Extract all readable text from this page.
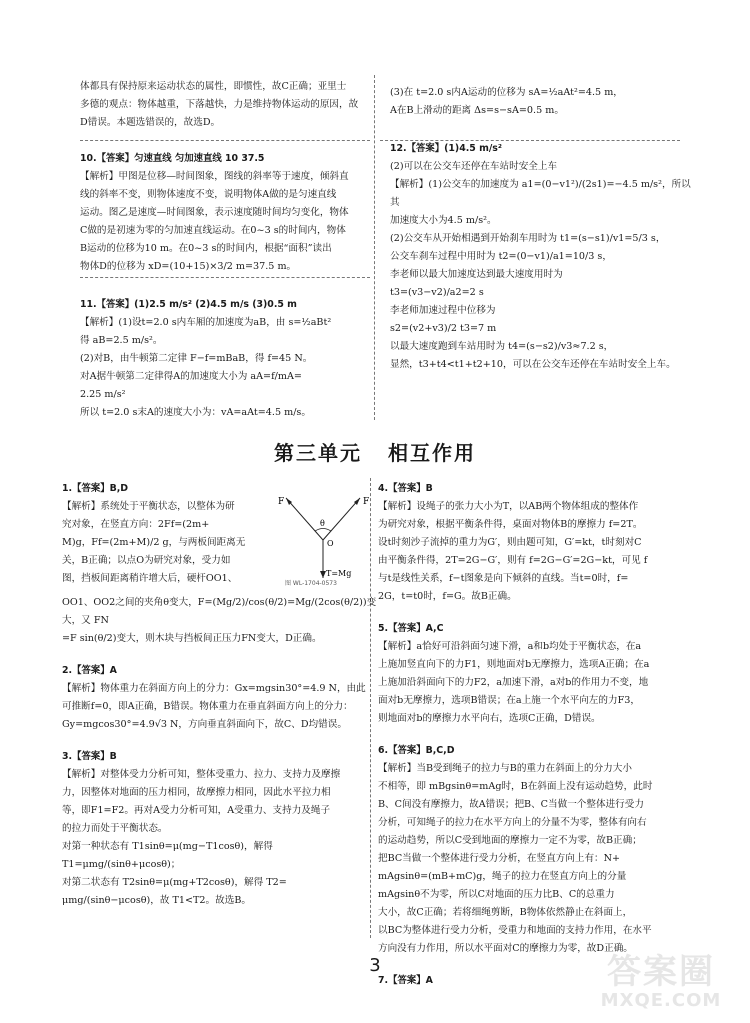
体都具有保持原来运动状态的属性，即惯性，故C正确；亚里士

多德的观点：物体越重，下落越快，力是维持物体运动的原因，故

D错误。本题选错误的，故选D。

10.【答案】匀速直线 匀加速直线 10 37.5

【解析】甲图是位移—时间图象，图线的斜率等于速度，倾斜直

线的斜率不变，则物体速度不变，说明物体A做的是匀速直线

运动。图乙是速度—时间图象，表示速度随时间均匀变化，物体

C做的是初速为零的匀加速直线运动。在0~3 s的时间内，物体

B运动的位移为10 m。在0~3 s的时间内，根据“面积”读出

物体D的位移为 xD=(10+15)×3/2 m=37.5 m。

11.【答案】(1)2.5 m/s² (2)4.5 m/s (3)0.5 m

【解析】(1)设t=2.0 s内车厢的加速度为aB，由 s=½aBt²

得 aB=2.5 m/s²。

(2)对B，由牛顿第二定律 F−f=mBaB，得 f=45 N。

对A据牛顿第二定律得A的加速度大小为 aA=f/mA=

2.25 m/s²

所以 t=2.0 s末A的速度大小为：vA=aAt=4.5 m/s。

(3)在 t=2.0 s内A运动的位移为 sA=½aAt²=4.5 m，

A在B上滑动的距离 Δs=s−sA=0.5 m。

12.【答案】(1)4.5 m/s²

(2)可以在公交车还停在车站时安全上车

【解析】(1)公交车的加速度为 a1=(0−v1²)/(2s1)=−4.5 m/s²，所以其

加速度大小为4.5 m/s²。

(2)公交车从开始相遇到开始刹车用时为 t1=(s−s1)/v1=5/3 s，

公交车刹车过程中用时为 t2=(0−v1)/a1=10/3 s，

李老师以最大加速度达到最大速度用时为

t3=(v3−v2)/a2=2 s

李老师加速过程中位移为

s2=(v2+v3)/2 t3=7 m

以最大速度跑到车站用时为 t4=(s−s2)/v3≈7.2 s，

显然，t3+t4<t1+t2+10，可以在公交车还停在车站时安全上车。

第三单元 相互作用

1.【答案】B,D

【解析】系统处于平衡状态，以整体为研

究对象，在竖直方向：2Ff=(2m+

M)g，Ff=(2m+M)/2 g，与两板间距离无

关，B正确；以点O为研究对象，受力如

图，挡板间距离稍许增大后，硬杆OO1、

OO1、OO2之间的夹角θ变大，F=(Mg/2)/cos(θ/2)=Mg/(2cos(θ/2))变大，又 FN

=F sin(θ/2)变大，则木块与挡板间正压力FN变大，D正确。

2.【答案】A

【解析】物体重力在斜面方向上的分力：Gx=mgsin30°=4.9 N，由此

可推断f=0，即A正确，B错误。物体重力在垂直斜面方向上的分力：

Gy=mgcos30°=4.9√3 N，方向垂直斜面向下，故C、D均错误。

3.【答案】B

【解析】对整体受力分析可知，整体受重力、拉力、支持力及摩擦

力，因整体对地面的压力相同，故摩擦力相同，因此水平拉力相

等，即F1=F2。再对A受力分析可知，A受重力、支持力及绳子

的拉力而处于平衡状态。

对第一种状态有 T1sinθ=μ(mg−T1cosθ)，解得 T1=μmg/(sinθ+μcosθ)；

对第二状态有 T2sinθ=μ(mg+T2cosθ)，解得 T2=

μmg/(sinθ−μcosθ)，故 T1<T2。故选B。

F	F
θ
O
T=Mg
图 WL-1704-0573

4.【答案】B

【解析】设绳子的张力大小为T，以AB两个物体组成的整体作

为研究对象，根据平衡条件得，桌面对物体B的摩擦力 f=2T。

设t时刻沙子流掉的重力为G′，则由题可知，G′=kt，t时刻对C

由平衡条件得，2T=2G−G′，则有 f=2G−G′=2G−kt，可见 f

与t是线性关系，f−t图象是向下倾斜的直线。当t=0时，f=

2G，t=t0时，f=G。故B正确。

5.【答案】A,C

【解析】a恰好可沿斜面匀速下滑，a和b均处于平衡状态，在a

上施加竖直向下的力F1，则地面对b无摩擦力，选项A正确；在a

上施加沿斜面向下的力F2，a加速下滑，a对b的作用力不变，地

面对b无摩擦力，选项B错误；在a上施一个水平向左的力F3，

则地面对b的摩擦力水平向右，选项C正确，D错误。

6.【答案】B,C,D

【解析】当B受到绳子的拉力与B的重力在斜面上的分力大小

不相等，即 mBgsinθ=mAg时，B在斜面上没有运动趋势，此时

B、C间没有摩擦力，故A错误；把B、C当做一个整体进行受力

分析，可知绳子的拉力在水平方向上的分量不为零，整体有向右

的运动趋势，所以C受到地面的摩擦力一定不为零，故B正确；

把BC当做一个整体进行受力分析，在竖直方向上有：N+

mAgsinθ=(mB+mC)g，绳子的拉力在竖直方向上的分量

mAgsinθ不为零，所以C对地面的压力比B、C的总重力

大小，故C正确；若将细绳剪断，B物体依然静止在斜面上，

以BC为整体进行受力分析，受重力和地面的支持力作用，在水平

方向没有力作用，所以水平面对C的摩擦力为零，故D正确。

7.【答案】A

3	答案圈
MXQE.COM
